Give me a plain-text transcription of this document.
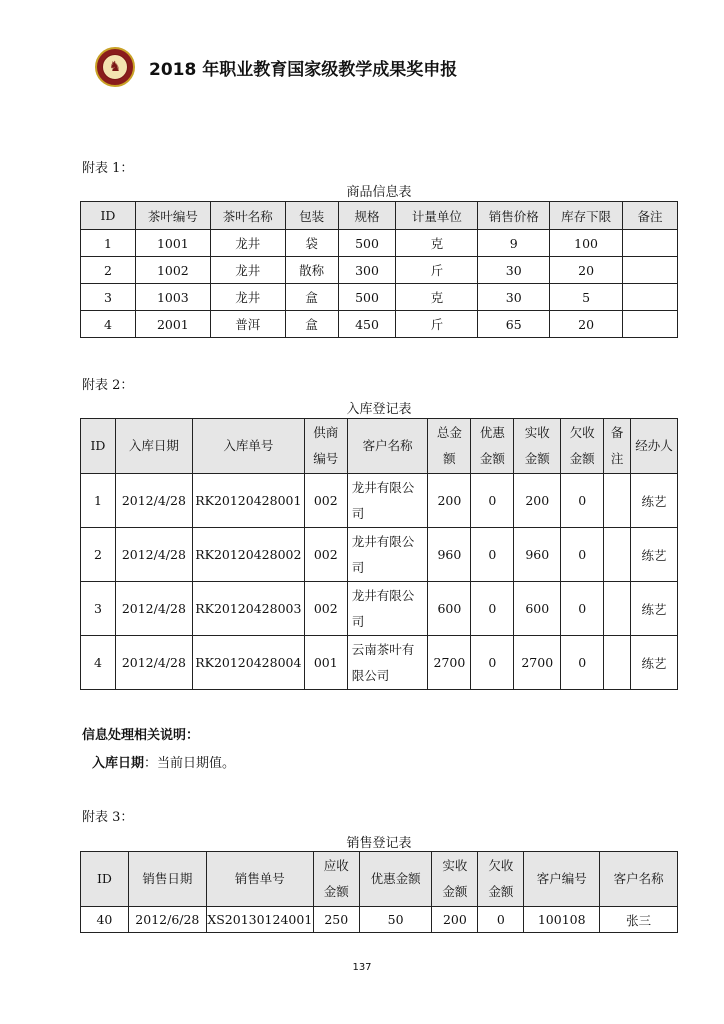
♞	2018 年职业教育国家级教学成果奖申报
附表 1：
商品信息表
ID	茶叶编号	茶叶名称	包装	规格	计量单位	销售价格	库存下限	备注
1	1001	龙井	袋	500	克	9	100	
2	1002	龙井	散称	300	斤	30	20	
3	1003	龙井	盒	500	克	30	5	
4	2001	普洱	盒	450	斤	65	20	
附表 2：
入库登记表
ID	入库日期	入库单号	供商编号	客户名称	总金额	优惠金额	实收金额	欠收金额	备注	经办人
1	2012/4/28	RK20120428001	002	龙井有限公司	200	0	200	0		练艺
2	2012/4/28	RK20120428002	002	龙井有限公司	960	0	960	0		练艺
3	2012/4/28	RK20120428003	002	龙井有限公司	600	0	600	0		练艺
4	2012/4/28	RK20120428004	001	云南茶叶有限公司	2700	0	2700	0		练艺
信息处理相关说明：
入库日期：当前日期值。
附表 3：
销售登记表
ID	销售日期	销售单号	应收金额	优惠金额	实收金额	欠收金额	客户编号	客户名称
40	2012/6/28	XS20130124001	250	50	200	0	100108	张三
137
